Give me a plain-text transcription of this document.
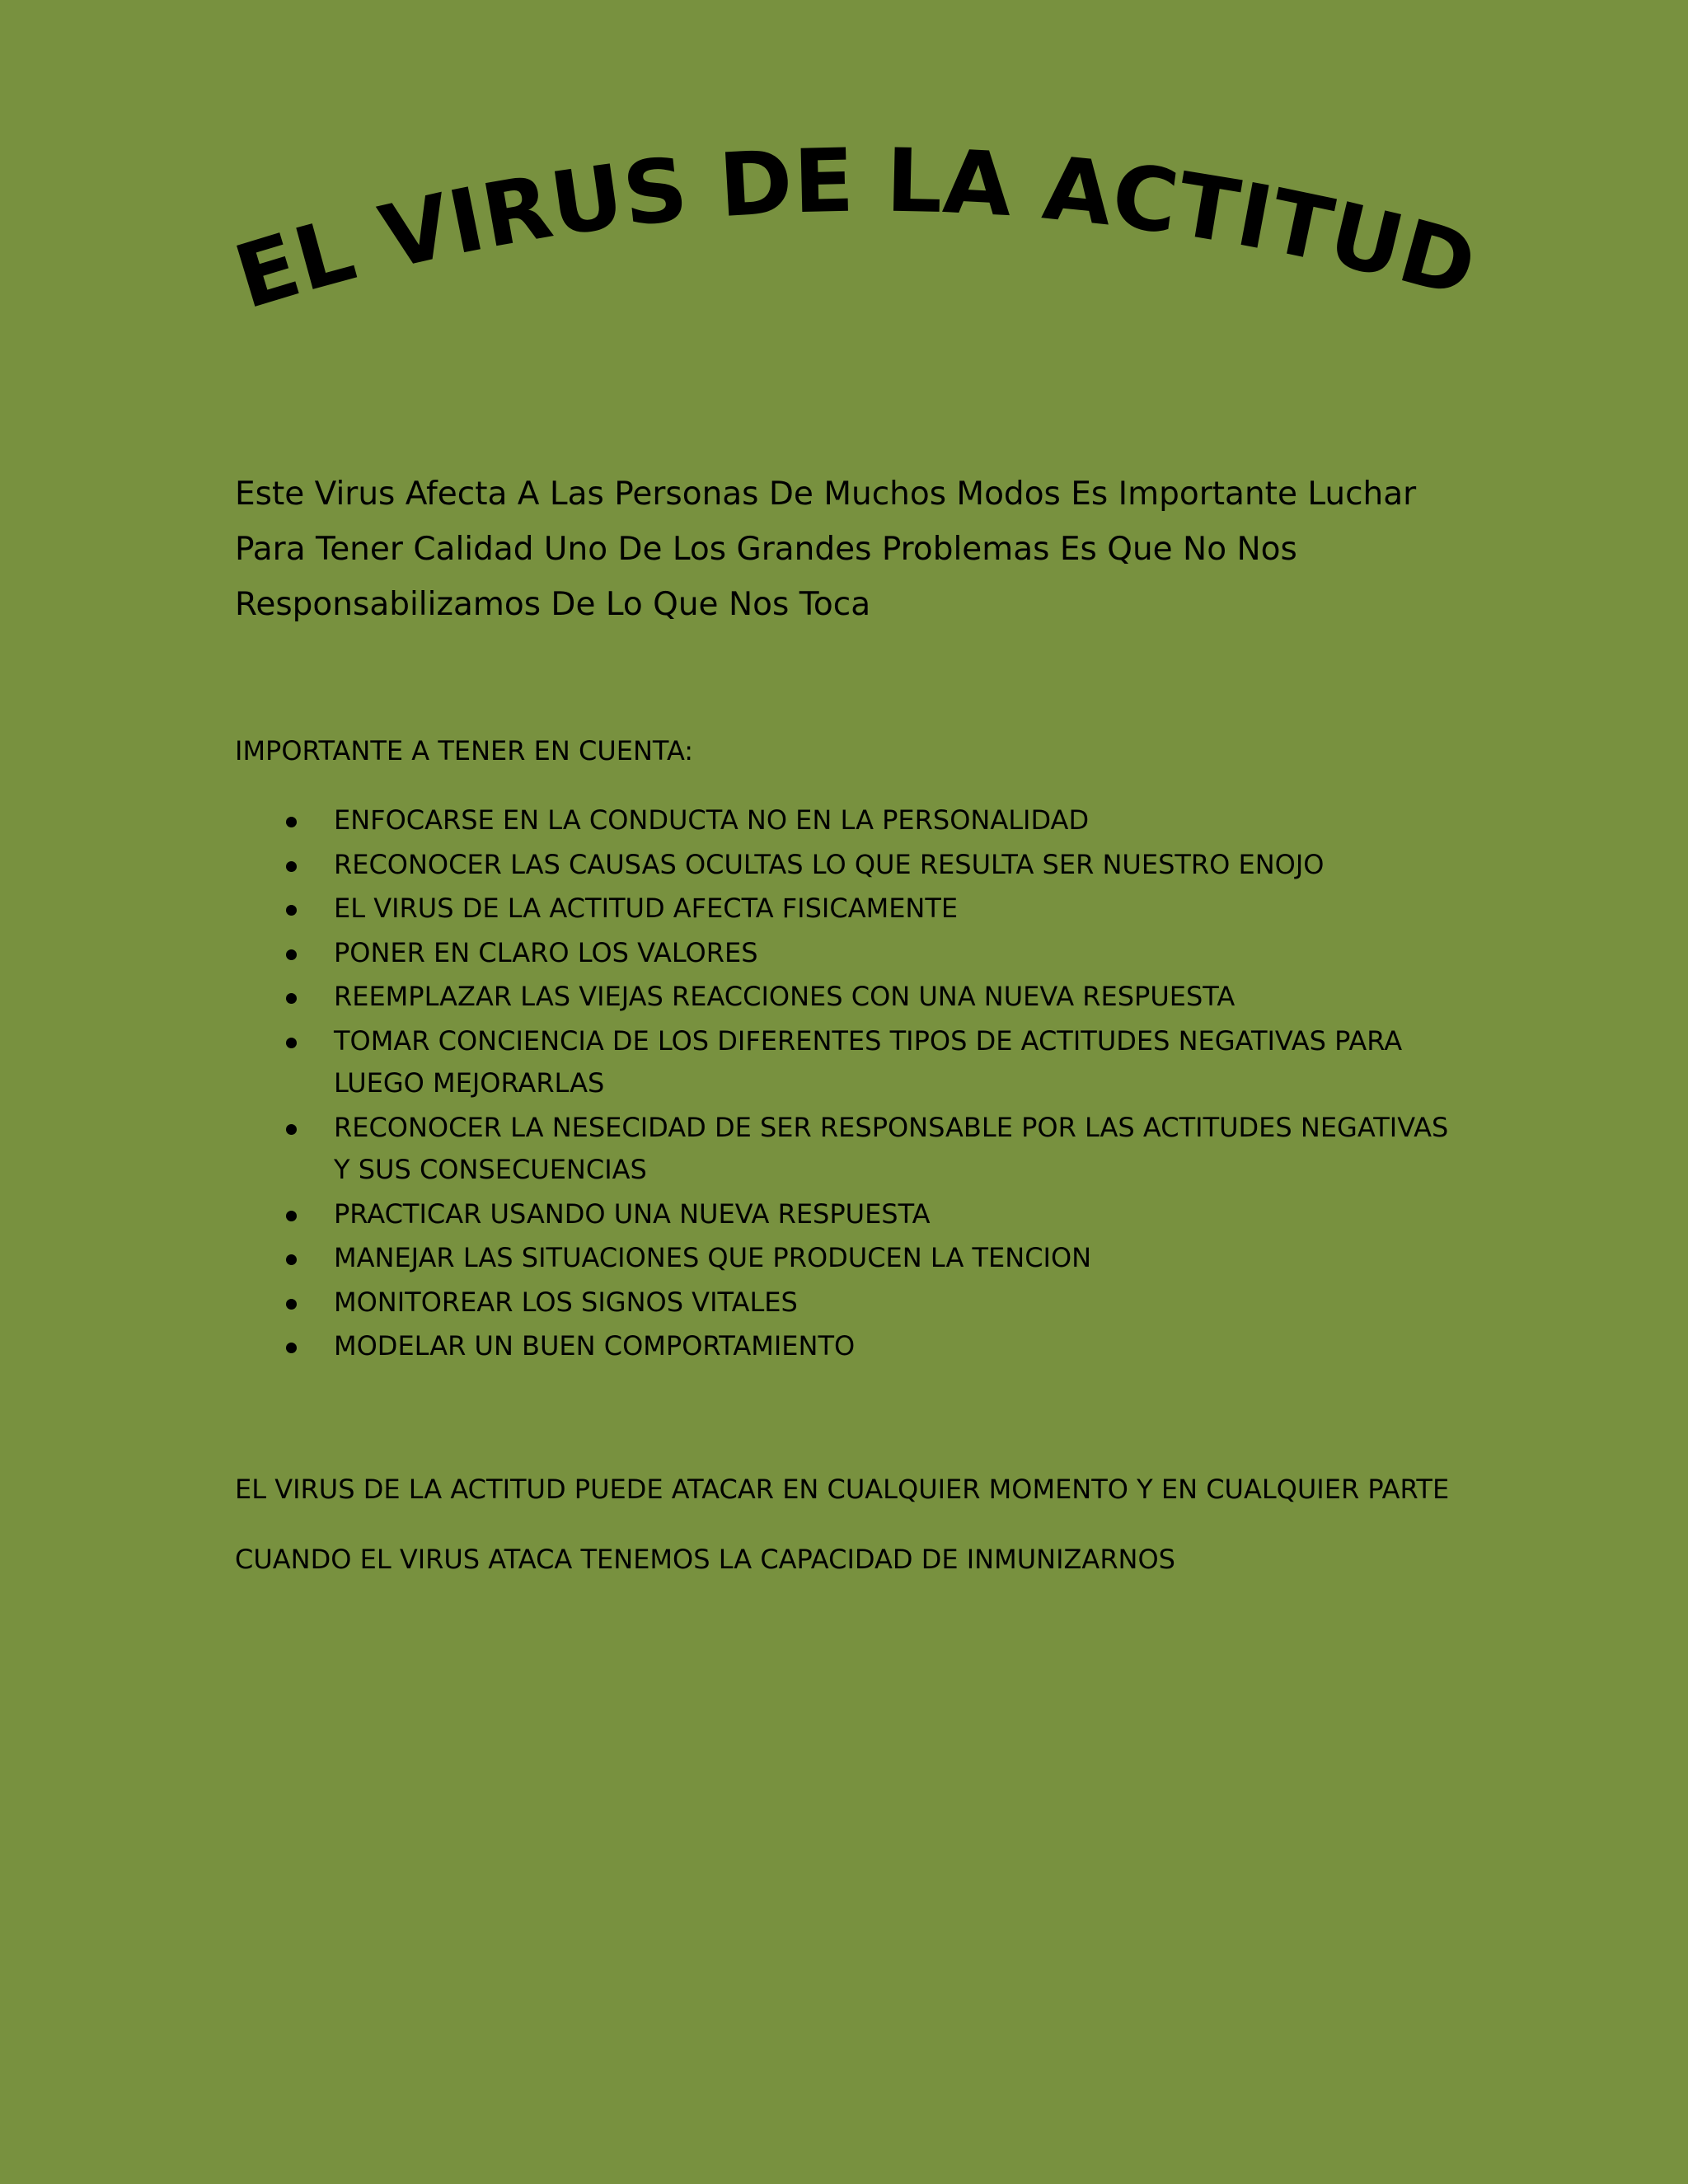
EL VIRUS DE LA ACTITUD

Este Virus Afecta A Las Personas De Muchos Modos Es Importante Luchar Para Tener Calidad Uno De Los Grandes Problemas Es Que No Nos Responsabilizamos De Lo Que Nos Toca

IMPORTANTE A TENER EN CUENTA:

ENFOCARSE EN LA CONDUCTA NO EN LA PERSONALIDAD
RECONOCER LAS CAUSAS OCULTAS LO QUE RESULTA SER NUESTRO ENOJO
EL VIRUS DE LA ACTITUD AFECTA FISICAMENTE
PONER EN CLARO LOS VALORES
REEMPLAZAR LAS VIEJAS REACCIONES CON UNA NUEVA RESPUESTA
TOMAR CONCIENCIA DE LOS DIFERENTES TIPOS DE ACTITUDES NEGATIVAS PARA LUEGO MEJORARLAS
RECONOCER LA NESECIDAD DE SER RESPONSABLE POR LAS ACTITUDES NEGATIVAS Y SUS CONSECUENCIAS
PRACTICAR USANDO UNA NUEVA RESPUESTA
MANEJAR LAS SITUACIONES QUE PRODUCEN LA TENCION
MONITOREAR LOS SIGNOS VITALES
MODELAR UN BUEN COMPORTAMIENTO

EL VIRUS DE LA ACTITUD PUEDE ATACAR EN CUALQUIER MOMENTO Y EN CUALQUIER PARTE

CUANDO EL VIRUS ATACA TENEMOS LA CAPACIDAD DE INMUNIZARNOS
